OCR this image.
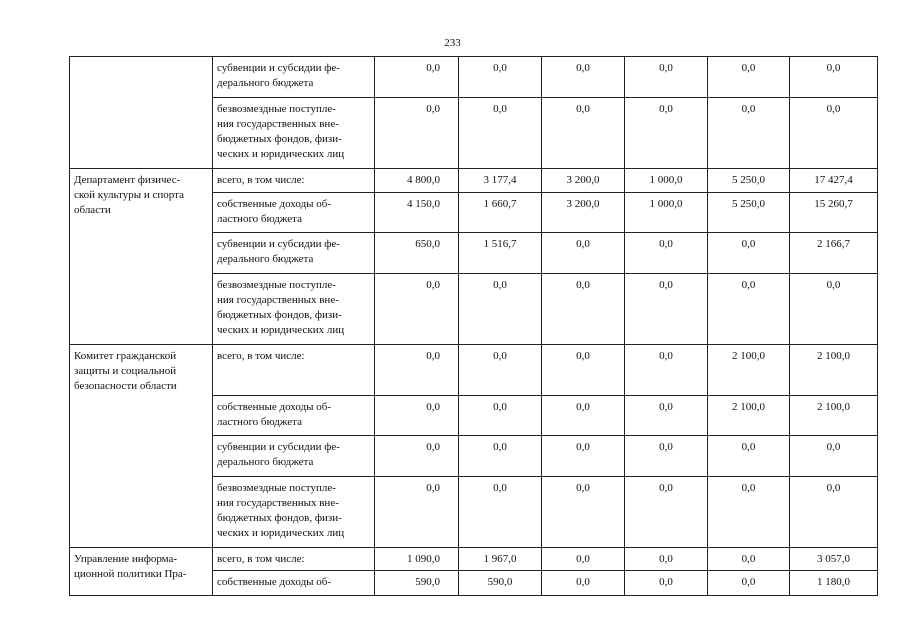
233
	субвенции и субсидии фе-
дерального бюджета	0,0	0,0	0,0	0,0	0,0	0,0
	безвозмездные поступле-
ния государственных вне-
бюджетных фондов, физи-
ческих и юридических лиц	0,0	0,0	0,0	0,0	0,0	0,0
Департамент физичес-
ской культуры и спорта
области	всего, в том числе:	4 800,0	3 177,4	3 200,0	1 000,0	5 250,0	17 427,4
	собственные доходы об-
ластного бюджета	4 150,0	1 660,7	3 200,0	1 000,0	5 250,0	15 260,7
	субвенции и субсидии фе-
дерального бюджета	650,0	1 516,7	0,0	0,0	0,0	2 166,7
	безвозмездные поступле-
ния государственных вне-
бюджетных фондов, физи-
ческих и юридических лиц	0,0	0,0	0,0	0,0	0,0	0,0
Комитет гражданской
защиты и социальной
безопасности области	всего, в том числе:	0,0	0,0	0,0	0,0	2 100,0	2 100,0
	собственные доходы об-
ластного бюджета	0,0	0,0	0,0	0,0	2 100,0	2 100,0
	субвенции и субсидии фе-
дерального бюджета	0,0	0,0	0,0	0,0	0,0	0,0
	безвозмездные поступле-
ния государственных вне-
бюджетных фондов, физи-
ческих и юридических лиц	0,0	0,0	0,0	0,0	0,0	0,0
Управление информа-
ционной политики Пра-	всего, в том числе:	1 090,0	1 967,0	0,0	0,0	0,0	3 057,0
	собственные доходы об-	590,0	590,0	0,0	0,0	0,0	1 180,0
